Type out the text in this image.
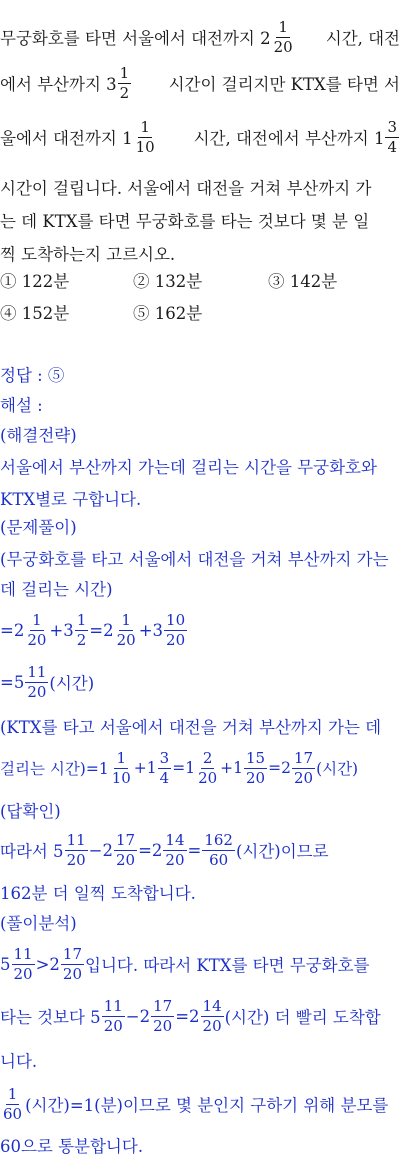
무궁화호를 타면 서울에서 대전까지 $2 \frac{1}{20}$ 시간, 대전
에서 부산까지 $3 \frac{1}{2}$ 시간이 걸리지만 KTX를 타면 서
울에서 대전까지 $1 \frac{1}{10}$ 시간, 대전에서 부산까지 $1 \frac{3}{4}$
시간이 걸립니다. 서울에서 대전을 거쳐 부산까지 가
는 데 KTX를 타면 무궁화호를 타는 것보다 몇 분 일
찍 도착하는지 고르시오.
① 122분	② 132분	③ 142분
④ 152분	⑤ 162분
정답 : ⑤
해설 :
(해결전략)
서울에서 부산까지 가는데 걸리는 시간을 무궁화호와
KTX별로 구합니다.
(문제풀이)
(무궁화호를 타고 서울에서 대전을 거쳐 부산까지 가는
데 걸리는 시간)
$=2 \frac{1}{20} +3 \frac{1}{2} =2 \frac{1}{20} +3 \frac{10}{20}$
$=5 \frac{11}{20}$ (시간)
(KTX를 타고 서울에서 대전을 거쳐 부산까지 가는 데
걸리는 시간)$=1 \frac{1}{10} +1 \frac{3}{4} =1 \frac{2}{20} +1 \frac{15}{20} =2 \frac{17}{20}$ (시간)
(답확인)
따라서 $5 \frac{11}{20} -2 \frac{17}{20} =2 \frac{14}{20} = \frac{162}{60}$ (시간)이므로
162분 더 일찍 도착합니다.
(풀이분석)
$5 \frac{11}{20} >2 \frac{17}{20}$ 입니다. 따라서 KTX를 타면 무궁화호를
타는 것보다 $5 \frac{11}{20} -2 \frac{17}{20} =2 \frac{14}{20}$ (시간) 더 빨리 도착합
니다.
$\frac{1}{60}$ (시간)=1(분)이므로 몇 분인지 구하기 위해 분모를
60으로 통분합니다.
